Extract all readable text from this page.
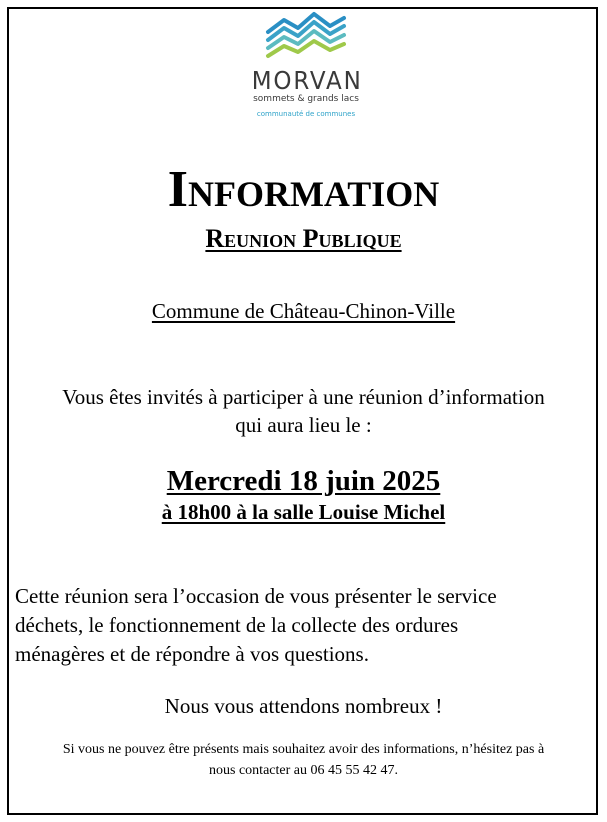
MORVAN
sommets & grands lacs
communauté de communes
Information
Reunion Publique
Commune de Château-Chinon-Ville
Vous êtes invités à participer à une réunion d’information
qui aura lieu le :
Mercredi 18 juin 2025
à 18h00 à la salle Louise Michel
Cette réunion sera l’occasion de vous présenter le service
déchets, le fonctionnement de la collecte des ordures
ménagères et de répondre à vos questions.
Nous vous attendons nombreux !
Si vous ne pouvez être présents mais souhaitez avoir des informations, n’hésitez pas à
nous contacter au 06 45 55 42 47.
